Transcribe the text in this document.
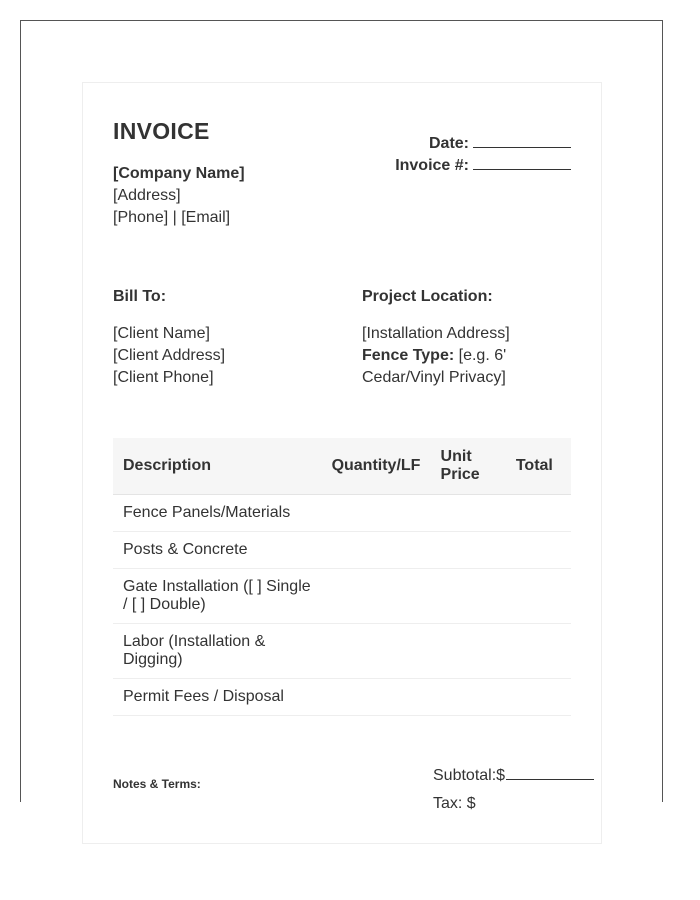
INVOICE	Date:
Invoice #:
[Company Name]
[Address]
[Phone] | [Email]
Bill To:
[Client Name]
[Client Address]
[Client Phone]
Project Location:
[Installation Address]
Fence Type: [e.g. 6'
Cedar/Vinyl Privacy]
Description	Quantity/LF	Unit Price	Total
Fence Panels/Materials			
Posts & Concrete			
Gate Installation ([ ] Single / [ ] Double)			
Labor (Installation & Digging)			
Permit Fees / Disposal			
Notes & Terms:	Subtotal:$
Tax: $
